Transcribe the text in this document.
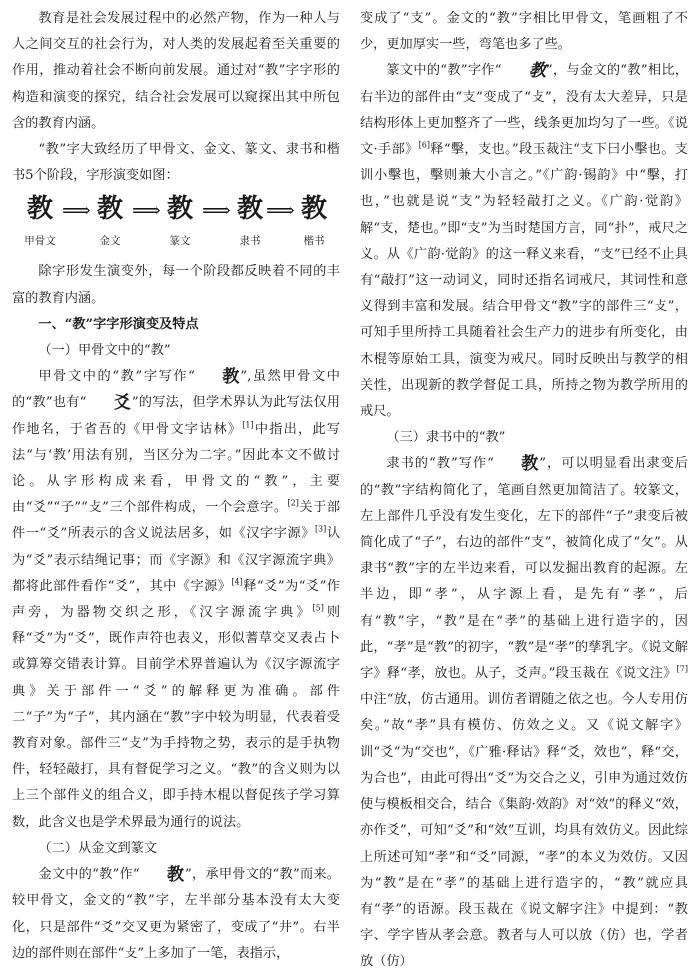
教育是社会发展过程中的必然产物，作为一种人与人之间交互的社会行为，对人类的发展起着至关重要的作用，推动着社会不断向前发展。通过对“教”字字形的构造和演变的探究，结合社会发展可以窥探出其中所包含的教育内涵。

“教”字大致经历了甲骨文、金文、篆文、隶书和楷书5个阶段，字形演变如图：

教
甲骨文
⟹ 教
金文
⟹ 教
篆文
⟹ 教
隶书
⟹ 教
楷书

除字形发生演变外，每一个阶段都反映着不同的丰富的教育内涵。

一、“教”字字形演变及特点
（一）甲骨文中的“教”

甲骨文中的“教”字写作“ 教”,虽然甲骨文中的“教”也有“ 爻”的写法，但学术界认为此写法仅用作地名，于省吾的《甲骨文字诂林》[1]中指出，此写法“与‘教’用法有别，当区分为二字。”因此本文不做讨论。从字形构成来看，甲骨文的“教”，主要由“爻”“子”“攴”三个部件构成，一个会意字。[2]关于部件一“爻”所表示的含义说法居多，如《汉字字源》[3]认为“爻”表示结绳记事；而《字源》和《汉字源流字典》都将此部件看作“爻”，其中《字源》[4]释“爻”为“爻”作声旁，为器物交织之形，《汉字源流字典》[5]则释“爻”为“爻”，既作声符也表义，形似蓍草交叉表占卜或算筹交错表计算。目前学术界普遍认为《汉字源流字典》关于部件一“爻”的解释更为准确。部件二“子”为“子”，其内涵在“教”字中较为明显，代表着受教育对象。部件三“攴”为手持物之势，表示的是手执物件，轻轻敲打，具有督促学习之义。“教”的含义则为以上三个部件义的组合义，即手持木棍以督促孩子学习算数，此含义也是学术界最为通行的说法。

（二）从金文到篆文

金文中的“教”作“ 教”，承甲骨文的“教”而来。较甲骨文，金文的“教”字，左半部分基本没有太大变化，只是部件“爻”交叉更为紧密了，变成了“井”。右半边的部件则在部件“攴”上多加了一笔，表指示，

变成了“支”。金文的“教”字相比甲骨文，笔画粗了不少，更加厚实一些，弯笔也多了些。

篆文中的“教”字作“ 教”，与金文的“教”相比，右半边的部件由“支”变成了“攴”，没有太大差异，只是结构形体上更加整齐了一些，线条更加均匀了一些。《说文·手部》[6]释“擊，支也。”段玉裁注“支下曰小擊也。支训小擊也，擊则兼大小言之。”《广韵·锡韵》中“擊，打也，”也就是说“支”为轻轻敲打之义。《广韵·觉韵》解“支，楚也。”即“支”为当时楚国方言，同“扑”，戒尺之义。从《广韵·觉韵》的这一释义来看，“支”已经不止具有“敲打”这一动词义，同时还指名词戒尺，其词性和意义得到丰富和发展。结合甲骨文“教”字的部件三“攴”，可知手里所持工具随着社会生产力的进步有所变化，由木棍等原始工具，演变为戒尺。同时反映出与教学的相关性，出现新的教学督促工具，所持之物为教学所用的戒尺。

（三）隶书中的“教”

隶书的“教”写作“ 教”，可以明显看出隶变后的“教”字结构简化了，笔画自然更加简洁了。较篆文，左上部件几乎没有发生变化，左下的部件“子”隶变后被简化成了“子”，右边的部件“支”，被简化成了“攵”。从隶书“教”字的左半边来看，可以发掘出教育的起源。左半边，即“孝”，从字源上看，是先有“孝”，后有“教”字，“教”是在“孝”的基础上进行造字的，因此，“孝”是“教”的初字，“教”是“孝”的孳乳字。《说文解字》释“孝，放也。从子，爻声。”段玉裁在《说文注》[7]中注“放，仿古通用。训仿者谓随之依之也。今人专用仿矣。”故“孝”具有模仿、仿效之义。又《说文解字》训“爻”为“交也”，《广雅·释诂》释“爻，效也”，释“交，为合也”，由此可得出“爻”为交合之义，引申为通过效仿使与模板相交合，结合《集韵·效韵》对“效”的释义“效，亦作爻”，可知“爻”和“效”互训，均具有效仿义。因此综上所述可知“孝”和“爻”同源，“孝”的本义为效仿。又因为“教”是在“孝”的基础上进行造字的，“教”就应具有“孝”的语源。段玉裁在《说文解字注》中提到：“教字、学字皆从孝会意。教者与人可以放（仿）也，学者放（仿）
